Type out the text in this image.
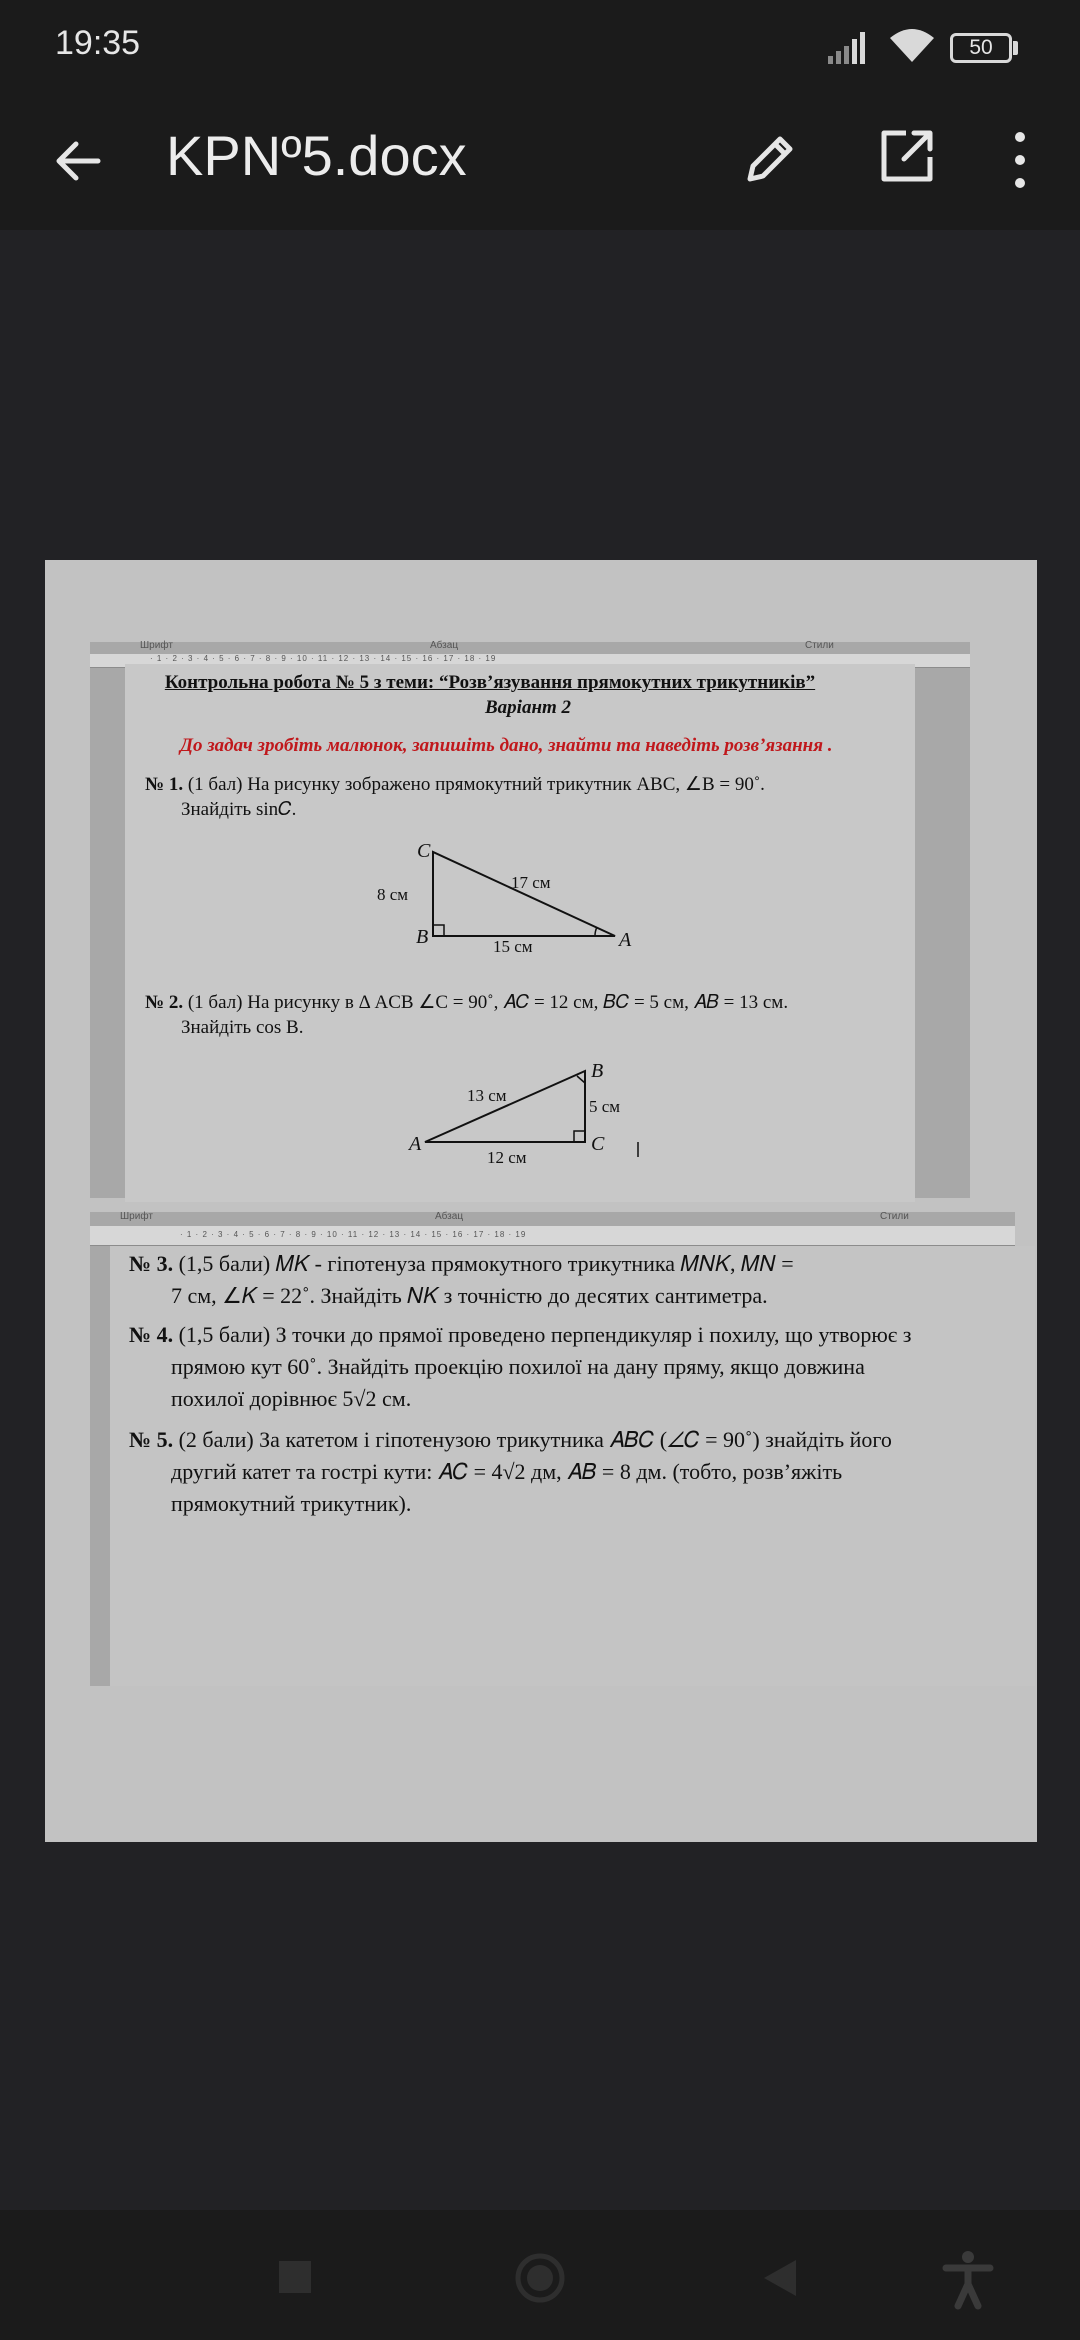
19:35	50
KPNº5.docx
Шрифт	Абзац	Стили
· 1 · 2 · 3 · 4 · 5 · 6 · 7 · 8 · 9 · 10 · 11 · 12 · 13 · 14 · 15 · 16 · 17 · 18 · 19
Контрольна робота № 5 з теми: “Розв’язування прямокутних трикутників”
Варіант 2
До задач зробіть малюнок, запишіть дано, знайти та наведіть розв’язання .
№ 1. (1 бал) На рисунку зображено прямокутний трикутник ABC, ∠B = 90˚.
Знайдіть sin𝐶.
C
B	A
8 см
17 см
15 см
№ 2. (1 бал) На рисунку в Δ ACB ∠C = 90˚, 𝐴𝐶 = 12 см, 𝐵𝐶 = 5 см, 𝐴𝐵 = 13 см.
Знайдіть cos B.
A
B
C
13 см
5 см
12 см
Шрифт	Абзац	Стили
· 1 · 2 · 3 · 4 · 5 · 6 · 7 · 8 · 9 · 10 · 11 · 12 · 13 · 14 · 15 · 16 · 17 · 18 · 19
№ 3. (1,5 бали) 𝑀𝐾 - гіпотенуза прямокутного трикутника 𝑀𝑁𝐾, 𝑀𝑁 =
7 см, ∠𝐾 = 22˚. Знайдіть 𝑁𝐾 з точністю до десятих сантиметра.
№ 4. (1,5 бали) З точки до прямої проведено перпендикуляр і похилу, що утворює з
прямою кут 60˚. Знайдіть проекцію похилої на дану пряму, якщо довжина
похилої дорівнює 5√2 см.
№ 5. (2 бали) За катетом і гіпотенузою трикутника 𝐴𝐵𝐶 (∠𝐶 = 90˚) знайдіть його
другий катет та гострі кути: 𝐴𝐶 = 4√2 дм, 𝐴𝐵 = 8 дм. (тобто, розв’яжіть
прямокутний трикутник).
